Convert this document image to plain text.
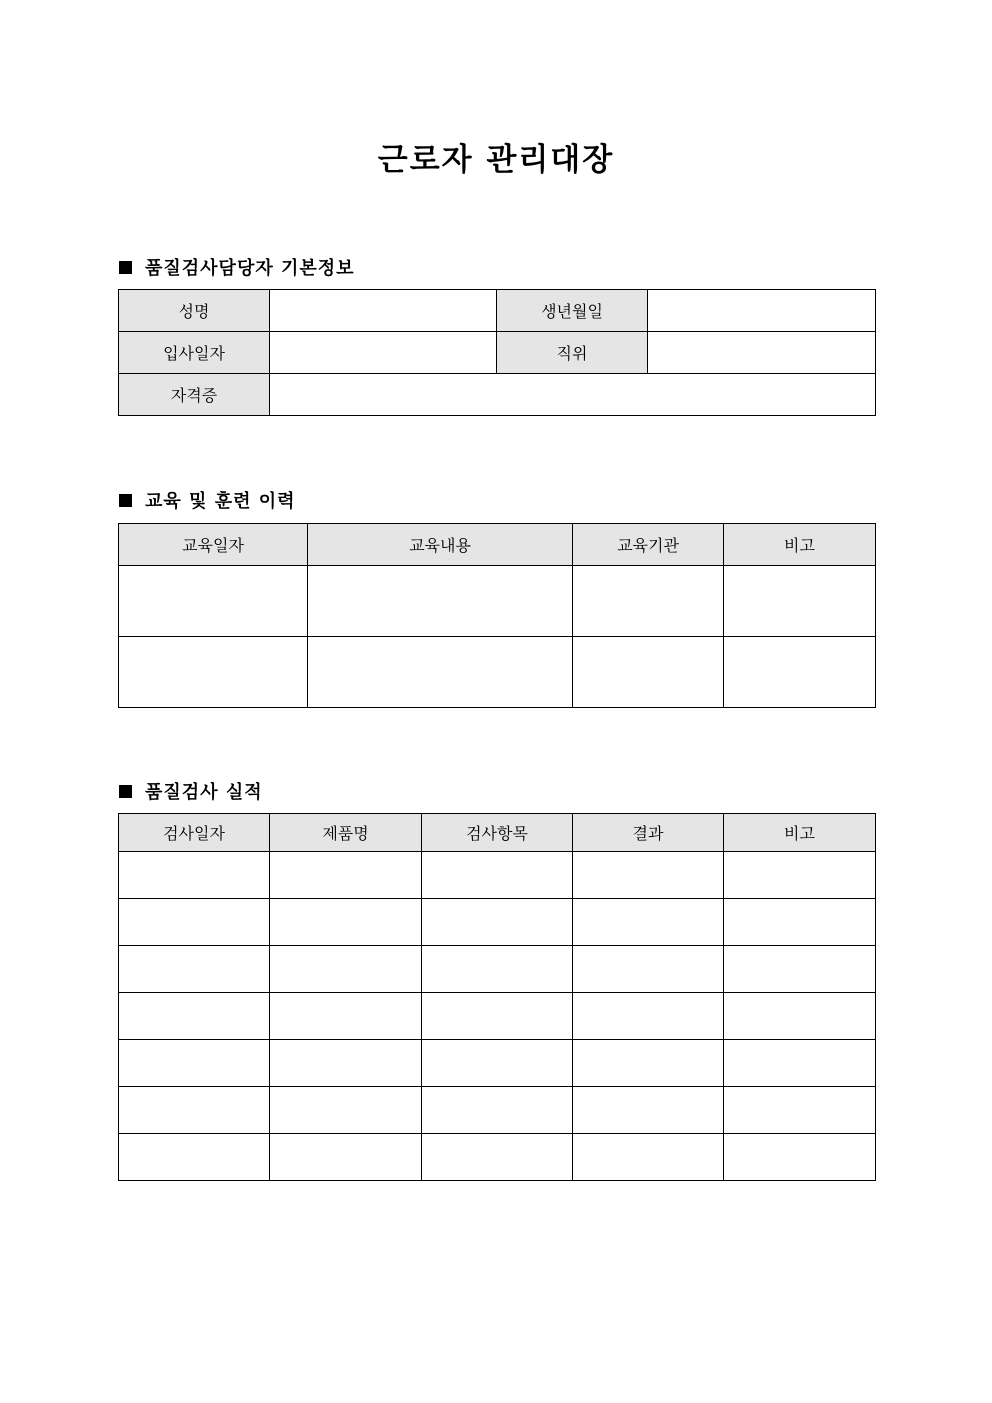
근로자 관리대장
품질검사담당자 기본정보
성명		생년월일	
입사일자		직위	
자격증			
교육 및 훈련 이력
교육일자	교육내용	교육기관	비고

품질검사 실적
검사일자	제품명	검사항목	결과	비고
